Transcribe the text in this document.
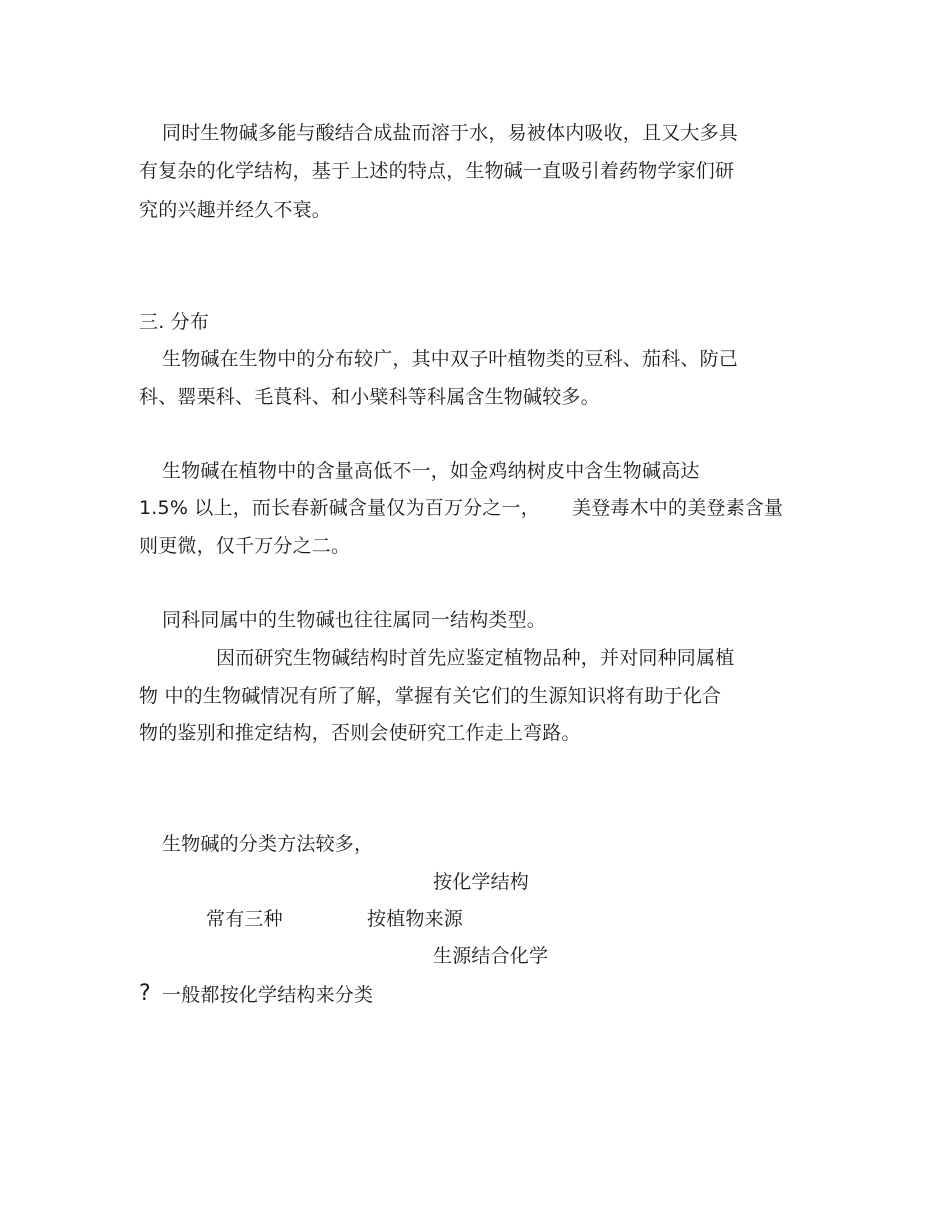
同时生物碱多能与酸结合成盐而溶于水，易被体内吸收，且又大多具

有复杂的化学结构，基于上述的特点，生物碱一直吸引着药物学家们研

究的兴趣并经久不衰。

三. 分布

生物碱在生物中的分布较广，其中双子叶植物类的豆科、茄科、防己

科、罂栗科、毛茛科、和小檗科等科属含生物碱较多。

生物碱在植物中的含量高低不一，如金鸡纳树皮中含生物碱高达

1.5% 以上，而长春新碱含量仅为百万分之一， 美登毒木中的美登素含量

则更微，仅千万分之二。

同科同属中的生物碱也往往属同一结构类型。

因而研究生物碱结构时首先应鉴定植物品种，并对同种同属植

物 中的生物碱情况有所了解，掌握有关它们的生源知识将有助于化合

物的鉴别和推定结构，否则会使研究工作走上弯路。

生物碱的分类方法较多，

按化学结构

常有三种	按植物来源

生源结合化学

? 一般都按化学结构来分类
